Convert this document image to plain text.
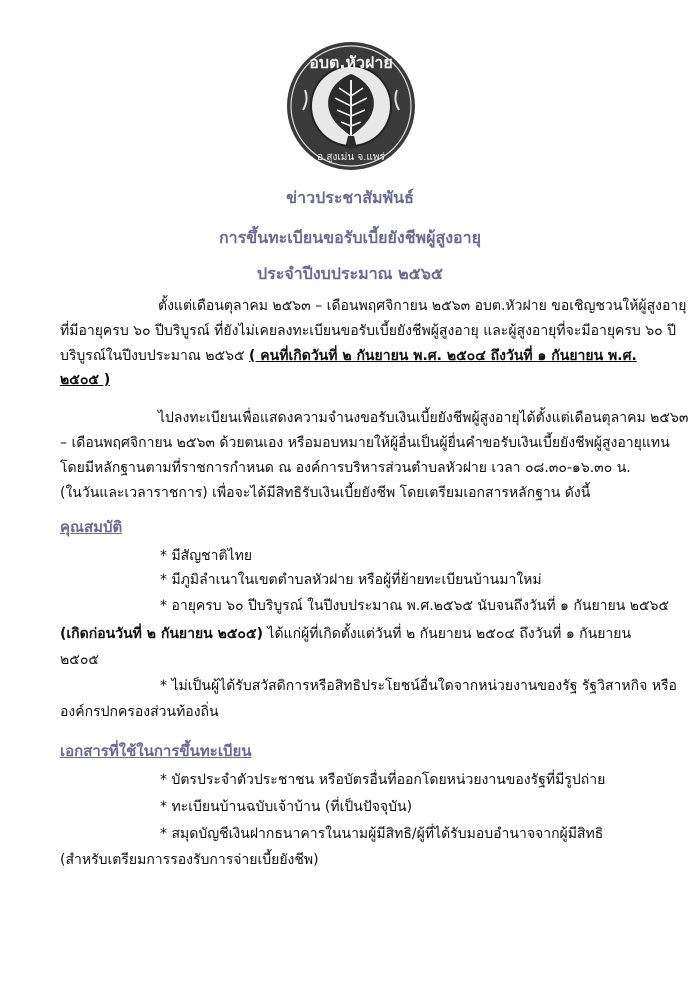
อบต.หัวฝาย
อ.สูงเม่น จ.แพร่
ข่าวประชาสัมพันธ์
การขึ้นทะเบียนขอรับเบี้ยยังชีพผู้สูงอายุ
ประจำปีงบประมาณ ๒๕๖๕
ตั้งแต่เดือนตุลาคม ๒๕๖๓ – เดือนพฤศจิกายน ๒๕๖๓ อบต.หัวฝาย ขอเชิญชวนให้ผู้สูงอายุ
ที่มีอายุครบ ๖๐ ปีบริบูรณ์ ที่ยังไม่เคยลงทะเบียนขอรับเบี้ยยังชีพผู้สูงอายุ และผู้สูงอายุที่จะมีอายุครบ ๖๐ ปี
บริบูรณ์ในปีงบประมาณ ๒๕๖๕ ( คนที่เกิดวันที่ ๒ กันยายน พ.ศ. ๒๕๐๔ ถึงวันที่ ๑ กันยายน พ.ศ.
๒๕๐๕ )
ไปลงทะเบียนเพื่อแสดงความจำนงขอรับเงินเบี้ยยังชีพผู้สูงอายุได้ตั้งแต่เดือนตุลาคม ๒๕๖๓
– เดือนพฤศจิกายน ๒๕๖๓ ด้วยตนเอง หรือมอบหมายให้ผู้อื่นเป็นผู้ยื่นคำขอรับเงินเบี้ยยังชีพผู้สูงอายุแทน
โดยมีหลักฐานตามที่ราชการกำหนด ณ องค์การบริหารส่วนตำบลหัวฝาย เวลา ๐๘.๓๐-๑๖.๓๐ น.
(ในวันและเวลาราชการ) เพื่อจะได้มีสิทธิรับเงินเบี้ยยังชีพ โดยเตรียมเอกสารหลักฐาน ดังนี้
คุณสมบัติ
* มีสัญชาติไทย
* มีภูมิลำเนาในเขตตำบลหัวฝาย หรือผู้ที่ย้ายทะเบียนบ้านมาใหม่
* อายุครบ ๖๐ ปีบริบูรณ์ ในปีงบประมาณ พ.ศ.๒๕๖๕ นับจนถึงวันที่ ๑ กันยายน ๒๕๖๕
(เกิดก่อนวันที่ ๒ กันยายน ๒๕๐๕) ได้แก่ผู้ที่เกิดตั้งแต่วันที่ ๒ กันยายน ๒๕๐๔ ถึงวันที่ ๑ กันยายน
๒๕๐๕
* ไม่เป็นผู้ได้รับสวัสดิการหรือสิทธิประโยชน์อื่นใดจากหน่วยงานของรัฐ รัฐวิสาหกิจ หรือ
องค์กรปกครองส่วนท้องถิ่น
เอกสารที่ใช้ในการขึ้นทะเบียน
* บัตรประจำตัวประชาชน หรือบัตรอื่นที่ออกโดยหน่วยงานของรัฐที่มีรูปถ่าย
* ทะเบียนบ้านฉบับเจ้าบ้าน (ที่เป็นปัจจุบัน)
* สมุดบัญชีเงินฝากธนาคารในนามผู้มีสิทธิ/ผู้ที่ได้รับมอบอำนาจจากผู้มีสิทธิ
(สำหรับเตรียมการรองรับการจ่ายเบี้ยยังชีพ)
